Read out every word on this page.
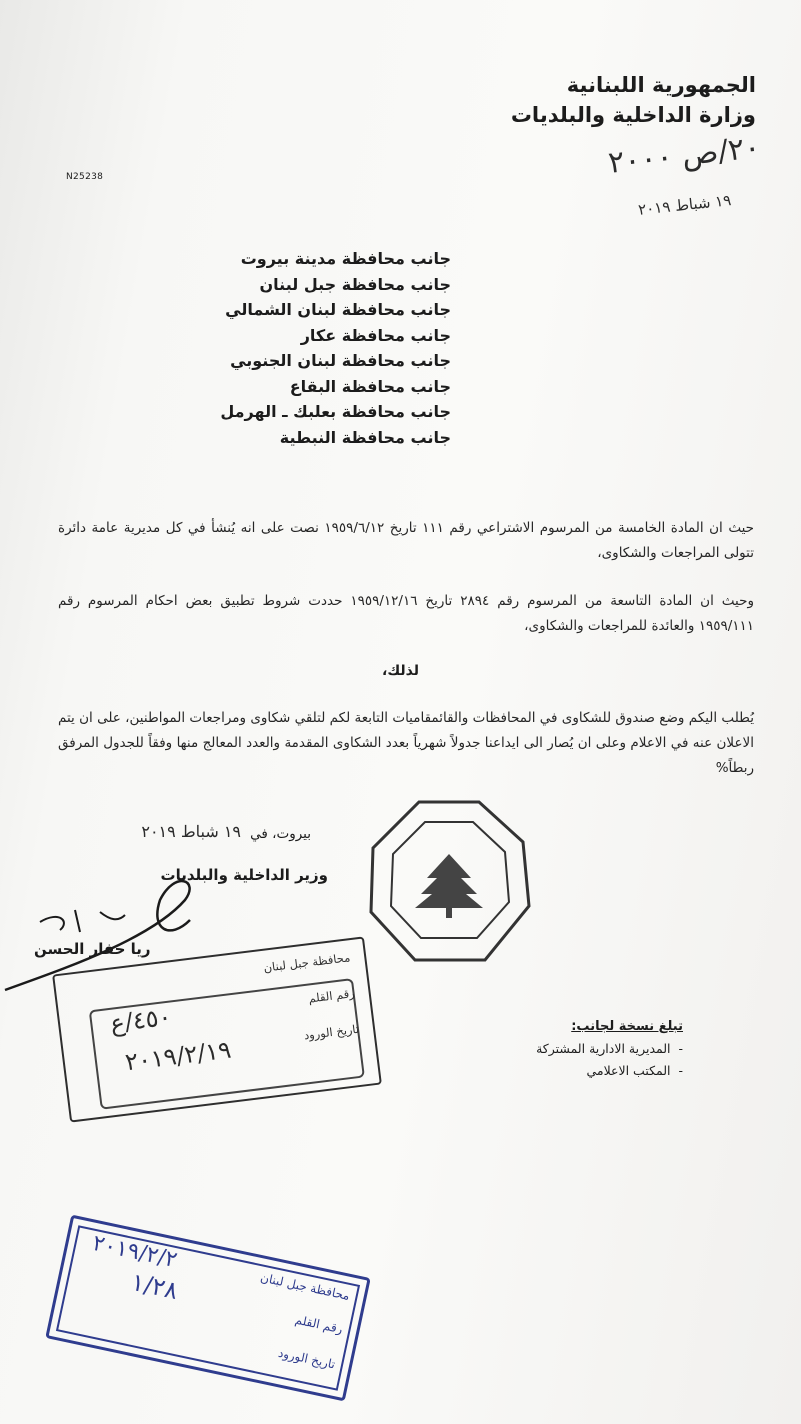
الجمهورية اللبنانية
وزارة الداخلية والبلديات
N25238	٢٠/ص ٢٠٠٠
١٩ شباط ٢٠١٩
جانب محافظة مدينة بيروت
جانب محافظة جبل لبنان
جانب محافظة لبنان الشمالي
جانب محافظة عكار
جانب محافظة لبنان الجنوبي
جانب محافظة البقاع
جانب محافظة بعلبك ـ الهرمل
جانب محافظة النبطية
حيث ان المادة الخامسة من المرسوم الاشتراعي رقم ١١١ تاريخ ١٩٥٩/٦/١٢ نصت على انه يُنشأ في كل مديرية عامة دائرة تتولى المراجعات والشكاوى،
وحيث ان المادة التاسعة من المرسوم رقم ٢٨٩٤ تاريخ ١٩٥٩/١٢/١٦ حددت شروط تطبيق بعض احكام المرسوم رقم ١٩٥٩/١١١ والعائدة للمراجعات والشكاوى،
لذلك،
يُطلب اليكم وضع صندوق للشكاوى في المحافظات والقائمقاميات التابعة لكم لتلقي شكاوى ومراجعات المواطنين، على ان يتم الاعلان عنه في الاعلام وعلى ان يُصار الى ايداعنا جدولاً شهرياً بعدد الشكاوى المقدمة والعدد المعالج منها وفقاً للجدول المرفق ربطاً%
بيروت، في
١٩ شباط ٢٠١٩
وزير الداخلية والبلديات
ريا حفار الحسن
تبلغ نسخة لجانب:
-  المديرية الادارية المشتركة
-  المكتب الاعلامي
محافظة جبل لبنان
رقم القلم
تاريخ الورود
٤٥٠/ع
٢٠١٩/٢/١٩
محافظة جبل لبنان
رقم القلم
تاريخ الورود
١/٢٨
٢٠١٩/٢/٢
